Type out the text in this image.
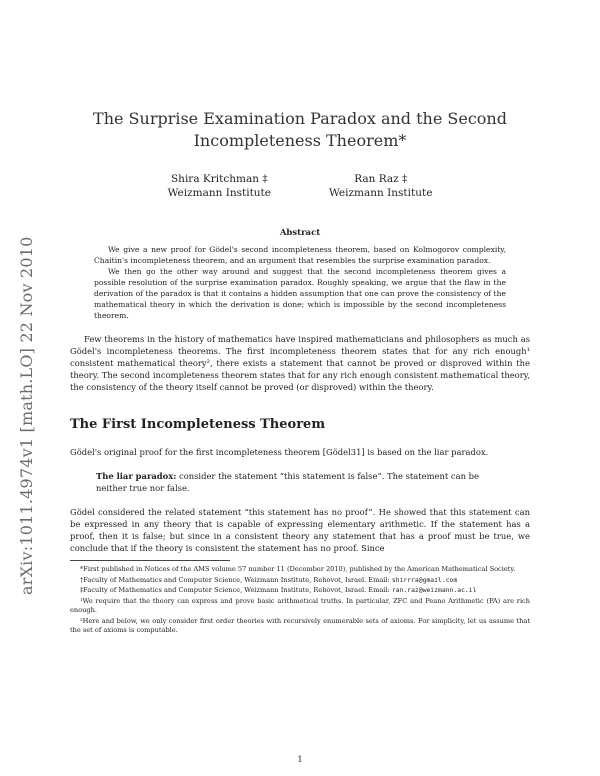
arXiv:1011.4974v1 [math.LO] 22 Nov 2010
The Surprise Examination Paradox and the Second Incompleteness Theorem*
Shira Kritchman ‡
Weizmann Institute
Ran Raz ‡
Weizmann Institute
Abstract

We give a new proof for Gödel's second incompleteness theorem, based on Kolmogorov complexity, Chaitin's incompleteness theorem, and an argument that resembles the surprise examination paradox.

We then go the other way around and suggest that the second incompleteness theorem gives a possible resolution of the surprise examination paradox. Roughly speaking, we argue that the flaw in the derivation of the paradox is that it contains a hidden assumption that one can prove the consistency of the mathematical theory in which the derivation is done; which is impossible by the second incompleteness theorem.

Few theorems in the history of mathematics have inspired mathematicians and philosophers as much as Gödel's incompleteness theorems. The first incompleteness theorem states that for any rich enough¹ consistent mathematical theory², there exists a statement that cannot be proved or disproved within the theory. The second incompleteness theorem states that for any rich enough consistent mathematical theory, the consistency of the theory itself cannot be proved (or disproved) within the theory.
The First Incompleteness Theorem
Gödel's original proof for the first incompleteness theorem [Gödel31] is based on the liar paradox.
The liar paradox: consider the statement “this statement is false”. The statement can be neither true nor false.
Gödel considered the related statement “this statement has no proof”. He showed that this statement can be expressed in any theory that is capable of expressing elementary arithmetic. If the statement has a proof, then it is false; but since in a consistent theory any statement that has a proof must be true, we conclude that if the theory is consistent the statement has no proof. Since

*First published in Notices of the AMS volume 57 number 11 (December 2010), published by the American Mathematical Society.

†Faculty of Mathematics and Computer Science, Weizmann Institute, Rehovot, Israel. Email: shirrra@gmail.com

‡Faculty of Mathematics and Computer Science, Weizmann Institute, Rehovot, Israel. Email: ran.raz@weizmann.ac.il

¹We require that the theory can express and prove basic arithmetical truths. In particular, ZFC and Peano Arithmetic (PA) are rich enough.

²Here and below, we only consider first order theories with recursively enumerable sets of axioms. For simplicity, let us assume that the set of axioms is computable.

1
